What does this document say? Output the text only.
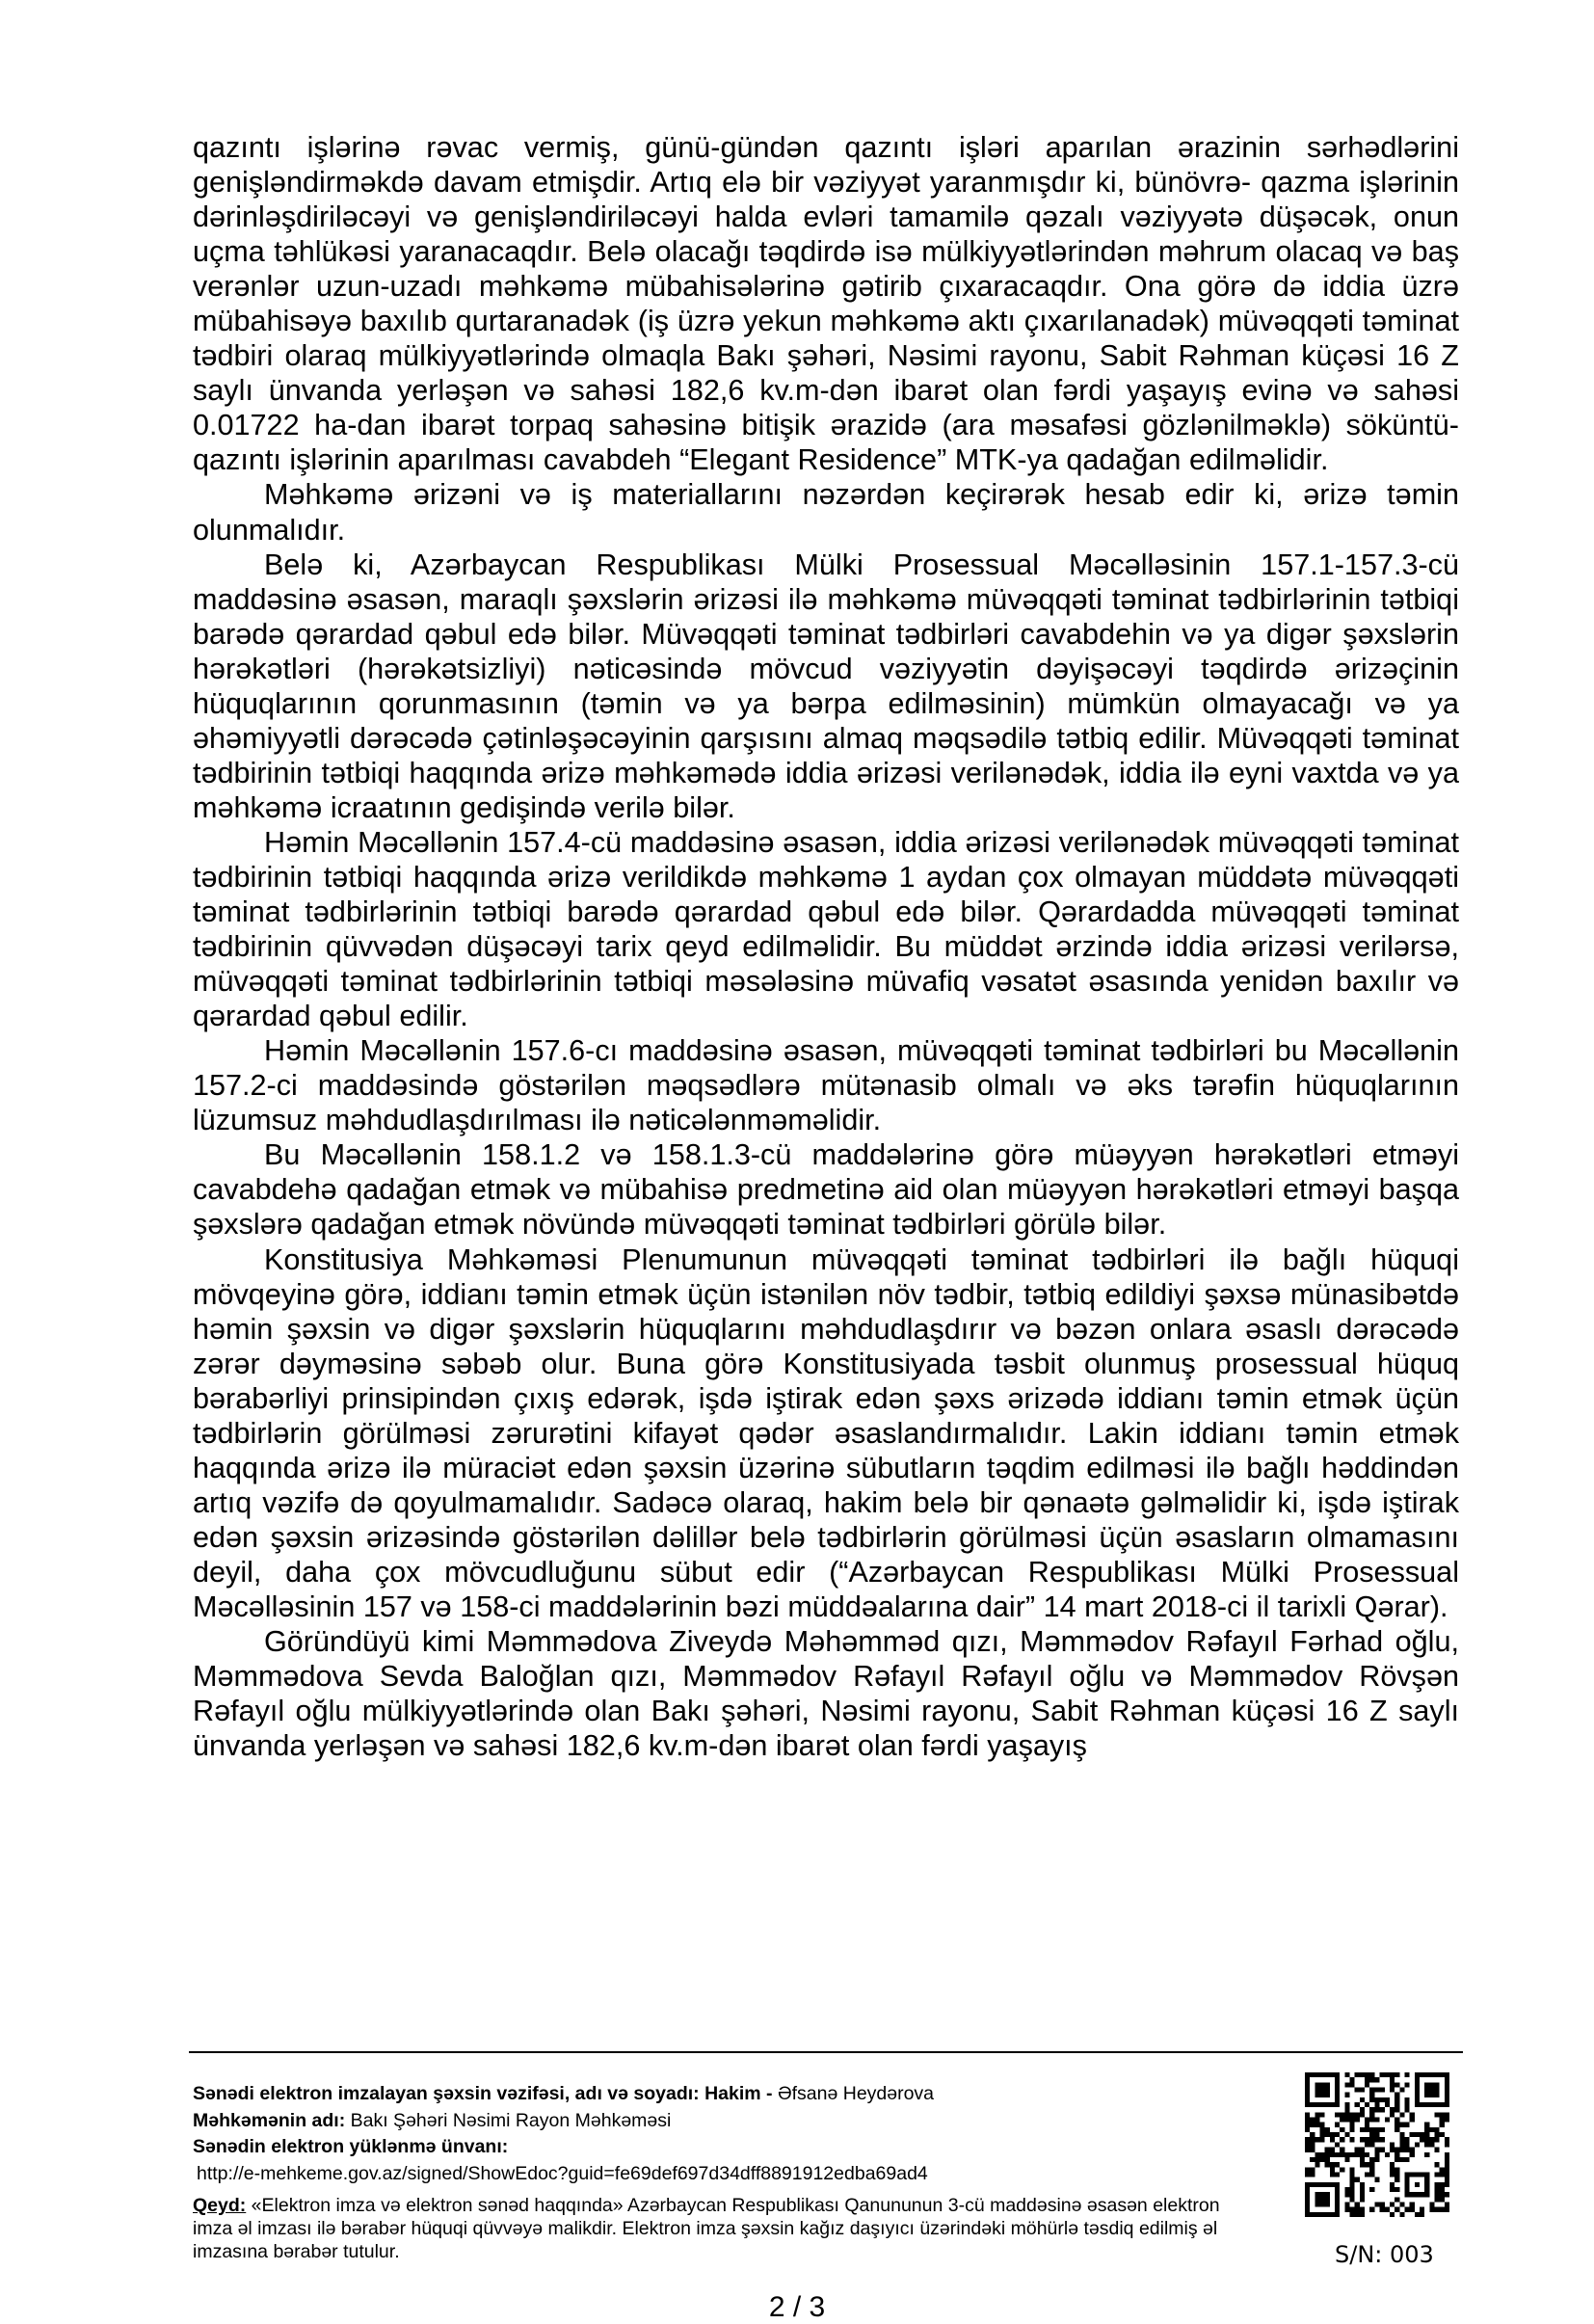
qazıntı işlərinə rəvac vermiş, günü-gündən qazıntı işləri aparılan ərazinin sərhədlərini genişləndirməkdə davam etmişdir. Artıq elə bir vəziyyət yaranmışdır ki, bünövrə- qazma işlərinin dərinləşdiriləcəyi və genişləndiriləcəyi halda evləri tamamilə qəzalı vəziyyətə düşəcək, onun uçma təhlükəsi yaranacaqdır. Belə olacağı təqdirdə isə mülkiyyətlərindən məhrum olacaq və baş verənlər uzun-uzadı məhkəmə mübahisələrinə gətirib çıxaracaqdır. Ona görə də iddia üzrə mübahisəyə baxılıb qurtaranadək (iş üzrə yekun məhkəmə aktı çıxarılanadək) müvəqqəti təminat tədbiri olaraq mülkiyyətlərində olmaqla Bakı şəhəri, Nəsimi rayonu, Sabit Rəhman küçəsi 16 Z saylı ünvanda yerləşən və sahəsi 182,6 kv.m-dən ibarət olan fərdi yaşayış evinə və sahəsi 0.01722 ha-dan ibarət torpaq sahəsinə bitişik ərazidə (ara məsafəsi gözlənilməklə) söküntü-qazıntı işlərinin aparılması cavabdeh “Elegant Residence” MTK-ya qadağan edilməlidir.

Məhkəmə ərizəni və iş materiallarını nəzərdən keçirərək hesab edir ki, ərizə təmin olunmalıdır.

Belə ki, Azərbaycan Respublikası Mülki Prosessual Məcəlləsinin 157.1-157.3-cü maddəsinə əsasən, maraqlı şəxslərin ərizəsi ilə məhkəmə müvəqqəti təminat tədbirlərinin tətbiqi barədə qərardad qəbul edə bilər. Müvəqqəti təminat tədbirləri cavabdehin və ya digər şəxslərin hərəkətləri (hərəkətsizliyi) nəticəsində mövcud vəziyyətin dəyişəcəyi təqdirdə ərizəçinin hüquqlarının qorunmasının (təmin və ya bərpa edilməsinin) mümkün olmayacağı və ya əhəmiyyətli dərəcədə çətinləşəcəyinin qarşısını almaq məqsədilə tətbiq edilir. Müvəqqəti təminat tədbirinin tətbiqi haqqında ərizə məhkəmədə iddia ərizəsi verilənədək, iddia ilə eyni vaxtda və ya məhkəmə icraatının gedişində verilə bilər.

Həmin Məcəllənin 157.4-cü maddəsinə əsasən, iddia ərizəsi verilənədək müvəqqəti təminat tədbirinin tətbiqi haqqında ərizə verildikdə məhkəmə 1 aydan çox olmayan müddətə müvəqqəti təminat tədbirlərinin tətbiqi barədə qərardad qəbul edə bilər. Qərardadda müvəqqəti təminat tədbirinin qüvvədən düşəcəyi tarix qeyd edilməlidir. Bu müddət ərzində iddia ərizəsi verilərsə, müvəqqəti təminat tədbirlərinin tətbiqi məsələsinə müvafiq vəsatət əsasında yenidən baxılır və qərardad qəbul edilir.

Həmin Məcəllənin 157.6-cı maddəsinə əsasən, müvəqqəti təminat tədbirləri bu Məcəllənin 157.2-ci maddəsində göstərilən məqsədlərə mütənasib olmalı və əks tərəfin hüquqlarının lüzumsuz məhdudlaşdırılması ilə nəticələnməməlidir.

Bu Məcəllənin 158.1.2 və 158.1.3-cü maddələrinə görə müəyyən hərəkətləri etməyi cavabdehə qadağan etmək və mübahisə predmetinə aid olan müəyyən hərəkətləri etməyi başqa şəxslərə qadağan etmək növündə müvəqqəti təminat tədbirləri görülə bilər.

Konstitusiya Məhkəməsi Plenumunun müvəqqəti təminat tədbirləri ilə bağlı hüquqi mövqeyinə görə, iddianı təmin etmək üçün istənilən növ tədbir, tətbiq edildiyi şəxsə münasibətdə həmin şəxsin və digər şəxslərin hüquqlarını məhdudlaşdırır və bəzən onlara əsaslı dərəcədə zərər dəyməsinə səbəb olur. Buna görə Konstitusiyada təsbit olunmuş prosessual hüquq bərabərliyi prinsipindən çıxış edərək, işdə iştirak edən şəxs ərizədə iddianı təmin etmək üçün tədbirlərin görülməsi zərurətini kifayət qədər əsaslandırmalıdır. Lakin iddianı təmin etmək haqqında ərizə ilə müraciət edən şəxsin üzərinə sübutların təqdim edilməsi ilə bağlı həddindən artıq vəzifə də qoyulmamalıdır. Sadəcə olaraq, hakim belə bir qənaətə gəlməlidir ki, işdə iştirak edən şəxsin ərizəsində göstərilən dəlillər belə tədbirlərin görülməsi üçün əsasların olmamasını deyil, daha çox mövcudluğunu sübut edir (“Azərbaycan Respublikası Mülki Prosessual Məcəlləsinin 157 və 158-ci maddələrinin bəzi müddəalarına dair” 14 mart 2018-ci il tarixli Qərar).

Göründüyü kimi Məmmədova Ziveydə Məhəmməd qızı, Məmmədov Rəfayıl Fərhad oğlu, Məmmədova Sevda Baloğlan qızı, Məmmədov Rəfayıl Rəfayıl oğlu və Məmmədov Rövşən Rəfayıl oğlu mülkiyyətlərində olan Bakı şəhəri, Nəsimi rayonu, Sabit Rəhman küçəsi 16 Z saylı ünvanda yerləşən və sahəsi 182,6 kv.m-dən ibarət olan fərdi yaşayış

Sənədi elektron imzalayan şəxsin vəzifəsi, adı və soyadı: Hakim - Əfsanə Heydərova
Məhkəmənin adı: Bakı Şəhəri Nəsimi Rayon Məhkəməsi
Sənədin elektron yüklənmə ünvanı:
http://e-mehkeme.gov.az/signed/ShowEdoc?guid=fe69def697d34dff8891912edba69ad4
Qeyd: «Elektron imza və elektron sənəd haqqında» Azərbaycan Respublikası Qanununun 3-cü maddəsinə əsasən elektron imza əl imzası ilə bərabər hüquqi qüvvəyə malikdir. Elektron imza şəxsin kağız daşıyıcı üzərindəki möhürlə təsdiq edilmiş əl imzasına bərabər tutulur.	S/N: 003
2 / 3
